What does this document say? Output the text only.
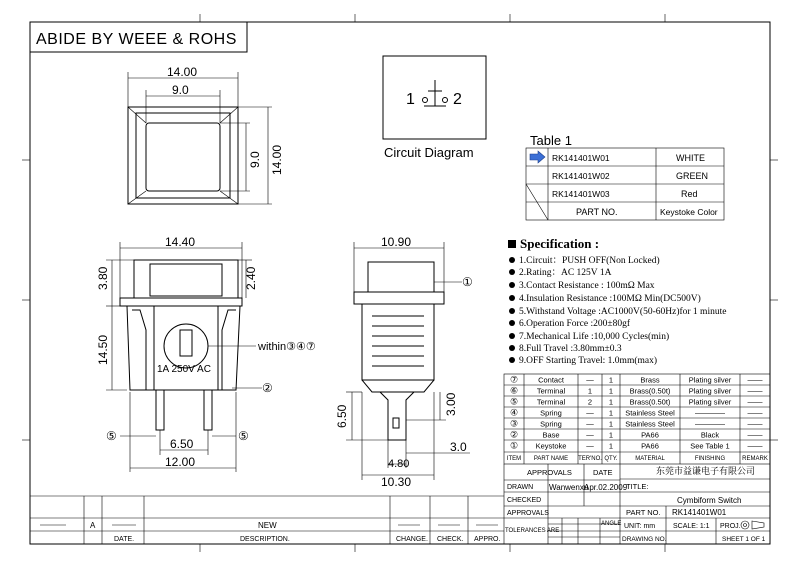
ABIDE BY WEEE & ROHS
14.00
9.0
9.0 14.00
1 2
Circuit Diagram
Table 1
RK141401W01	WHITE
RK141401W02	GREEN
RK141401W03	Red
PART NO.	Keystoke Color
14.40
3.80	2.40
14.50	within③④⑦
1A 250V AC
②
⑤	⑤
6.50
12.00
10.90
①
6.50
3.00
3.0
4.80
10.30
Specification :
1.Circuit：PUSH OFF(Non Locked)
2.Rating：AC 125V 1A
3.Contact Resistance : 100mΩ Max
4.Insulation Resistance :100MΩ Min(DC500V)
5.Withstand Voltage :AC1000V(50-60Hz)for 1 minute
6.Operation Force :200±80gf
7.Mechanical Life :10,000 Cycles(min)
8.Full Travel :3.80mm±0.3
9.OFF Starting Travel: 1.0mm(max)
⑦	Contact	— 1	Brass	Plating silver ——
⑥	Terminal	1 1 Brass(0.50t) Plating silver ——
⑤	Terminal	2 1 Brass(0.50t) Plating silver ——
④	Spring	— 1 Stainless Steel	————	——
③	Spring	— 1 Stainless Steel	————	——
②	Base	— 1	PA66	Black	——
① Keystoke	— 1	PA66	See Table 1 ——
ITEM PART NAME TER'NO. QTY.	MATERIAL	FINISHING	REMARK
APPROVALS	DATE
DRAWN Wanwenxu
Apr.02.2009
CHECKED
APPROVALS
东莞市益谦电子有限公司
TITLE:
Cymbiform Switch
PART NO. RK141401W01
TOLERANCES ARE
ANGLE UNIT: mm	SCALE: 1:1 PROJ.
DRAWING NO.	SHEET 1 OF 1
A	NEW
DATE.	DESCRIPTION.	CHANGE. CHECK. APPRO.
